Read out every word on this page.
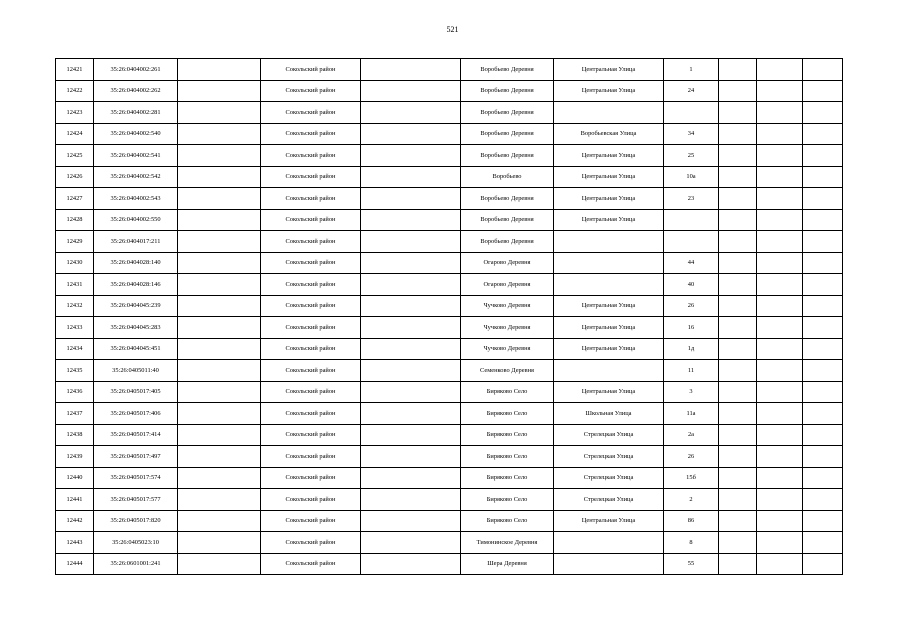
521
12421	35:26:0404002:261		Сокольский район		Воробьево Деревня	Центральная Улица	1			
12422	35:26:0404002:262		Сокольский район		Воробьево Деревня	Центральная Улица	24			
12423	35:26:0404002:281		Сокольский район		Воробьево Деревня					
12424	35:26:0404002:540		Сокольский район		Воробьево Деревня	Воробьевская Улица	34			
12425	35:26:0404002:541		Сокольский район		Воробьево Деревня	Центральная Улица	25			
12426	35:26:0404002:542		Сокольский район		Воробьево	Центральная Улица	10а			
12427	35:26:0404002:543		Сокольский район		Воробьево Деревня	Центральная Улица	23			
12428	35:26:0404002:550		Сокольский район		Воробьево Деревня	Центральная Улица				
12429	35:26:0404017:211		Сокольский район		Воробьево Деревня					
12430	35:26:0404028:140		Сокольский район		Огарово Деревня		44			
12431	35:26:0404028:146		Сокольский район		Огарово Деревня		40			
12432	35:26:0404045:239		Сокольский район		Чучково Деревня	Центральная Улица	26			
12433	35:26:0404045:283		Сокольский район		Чучково Деревня	Центральная Улица	16			
12434	35:26:0404045:451		Сокольский район		Чучково Деревня	Центральная Улица	1д			
12435	35:26:0405011:40		Сокольский район		Семенково Деревня		11			
12436	35:26:0405017:405		Сокольский район		Биряково Село	Центральная Улица	3			
12437	35:26:0405017:406		Сокольский район		Биряково Село	Школьная Улица	11а			
12438	35:26:0405017:414		Сокольский район		Биряково Село	Стрелецкая Улица	2а			
12439	35:26:0405017:497		Сокольский район		Биряково Село	Стрелецкая Улица	26			
12440	35:26:0405017:574		Сокольский район		Биряково Село	Стрелецкая Улица	15б			
12441	35:26:0405017:577		Сокольский район		Биряково Село	Стрелецкая Улица	2			
12442	35:26:0405017:820		Сокольский район		Биряково Село	Центральная Улица	86			
12443	35:26:0405023:10		Сокольский район		Тимонинское Деревня		8			
12444	35:26:0601001:241		Сокольский район		Шера Деревня		55			
